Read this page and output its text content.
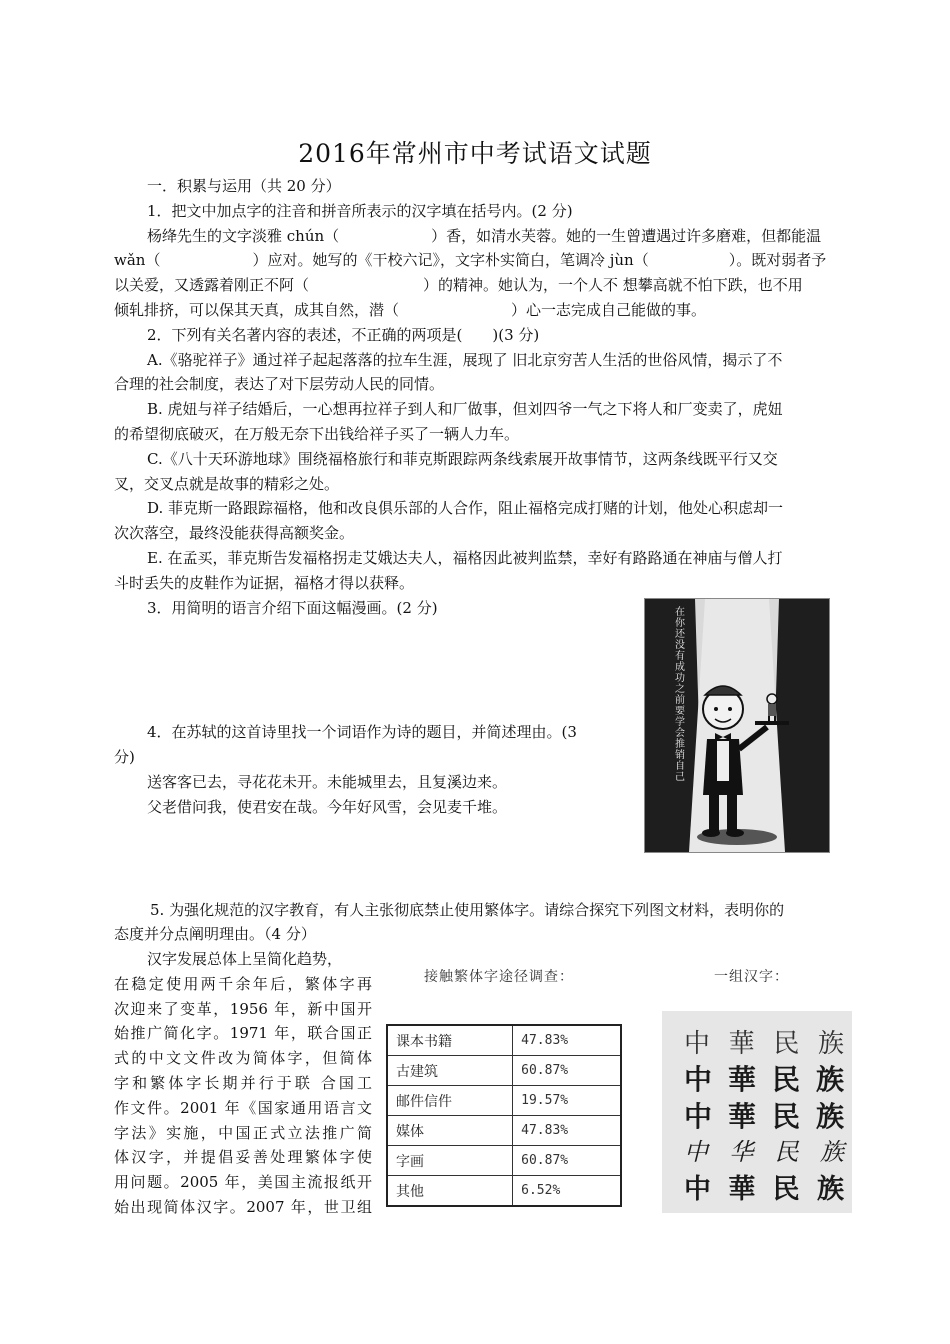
2016年常州市中考试语文试题
一．积累与运用（共 20 分）
1．把文中加点字的注音和拼音所表示的汉字填在括号内。(2 分)
杨绛先生的文字淡雅 chún（	）香，如清水芙蓉。她的一生曾遭遇过许多磨难，但都能温
wǎn（	）应对。她写的《干校六记》，文字朴实简白，笔调冷 jùn（	）。既对弱者予
以关爱，又透露着刚正不阿（	）的精神。她认为，一个人不 想攀高就不怕下跌，也不用
倾轧排挤，可以保其天真，成其自然，潜（	）心一志完成自己能做的事。
2．下列有关名著内容的表述，不正确的两项是(　　)(3 分)
A.《骆驼祥子》通过祥子起起落落的拉车生涯，展现了 旧北京穷苦人生活的世俗风情，揭示了不
合理的社会制度，表达了对下层劳动人民的同情。
B. 虎妞与祥子结婚后，一心想再拉祥子到人和厂做事，但刘四爷一气之下将人和厂变卖了，虎妞
的希望彻底破灭，在万般无奈下出钱给祥子买了一辆人力车。
C.《八十天环游地球》围绕福格旅行和菲克斯跟踪两条线索展开故事情节，这两条线既平行又交
叉，交叉点就是故事的精彩之处。
D. 菲克斯一路跟踪福格，他和改良俱乐部的人合作，阻止福格完成打赌的计划，他处心积虑却一
次次落空，最终没能获得高额奖金。
E. 在孟买，菲克斯告发福格拐走艾娥达夫人，福格因此被判监禁，幸好有路路通在神庙与僧人打
斗时丢失的皮鞋作为证据，福格才得以获释。
3．用简明的语言介绍下面这幅漫画。(2 分)	在你还没有成功之前 要学会推销自己
4．在苏轼的这首诗里找一个词语作为诗的题目，并简述理由。(3
分)
送客客已去，寻花花未开。未能城里去，且复溪边来。
父老借问我，使君安在哉。今年好风雪，会见麦千堆。
5. 为强化规范的汉字教育，有人主张彻底禁止使用繁体字。请综合探究下列图文材料，表明你的
态度并分点阐明理由。（4 分）
汉字发展总体上呈简化趋势，
在稳定使用两千余年后，繁体字再
次迎来了变革，1956 年，新中国开
始推广简化字。1971 年，联合国正
式的中文文件改为简体字，但简体
字和繁体字长期并行于联 合国工
作文件。2001 年《国家通用语言文
字法》实施，中国正式立法推广简
体汉字，并提倡妥善处理繁体字使
用问题。2005 年，美国主流报纸开
始出现简体汉字。2007 年，世卫组
接触繁体字途径调查：
课本书籍	47.83%
古建筑	60.87%
邮件信件	19.57%
媒体	47.83%
字画	60.87%
其他	6.52%
一组汉字：
中 華 民 族
中 華 民 族
中 華 民 族
中 华 民 族
中 華 民 族
